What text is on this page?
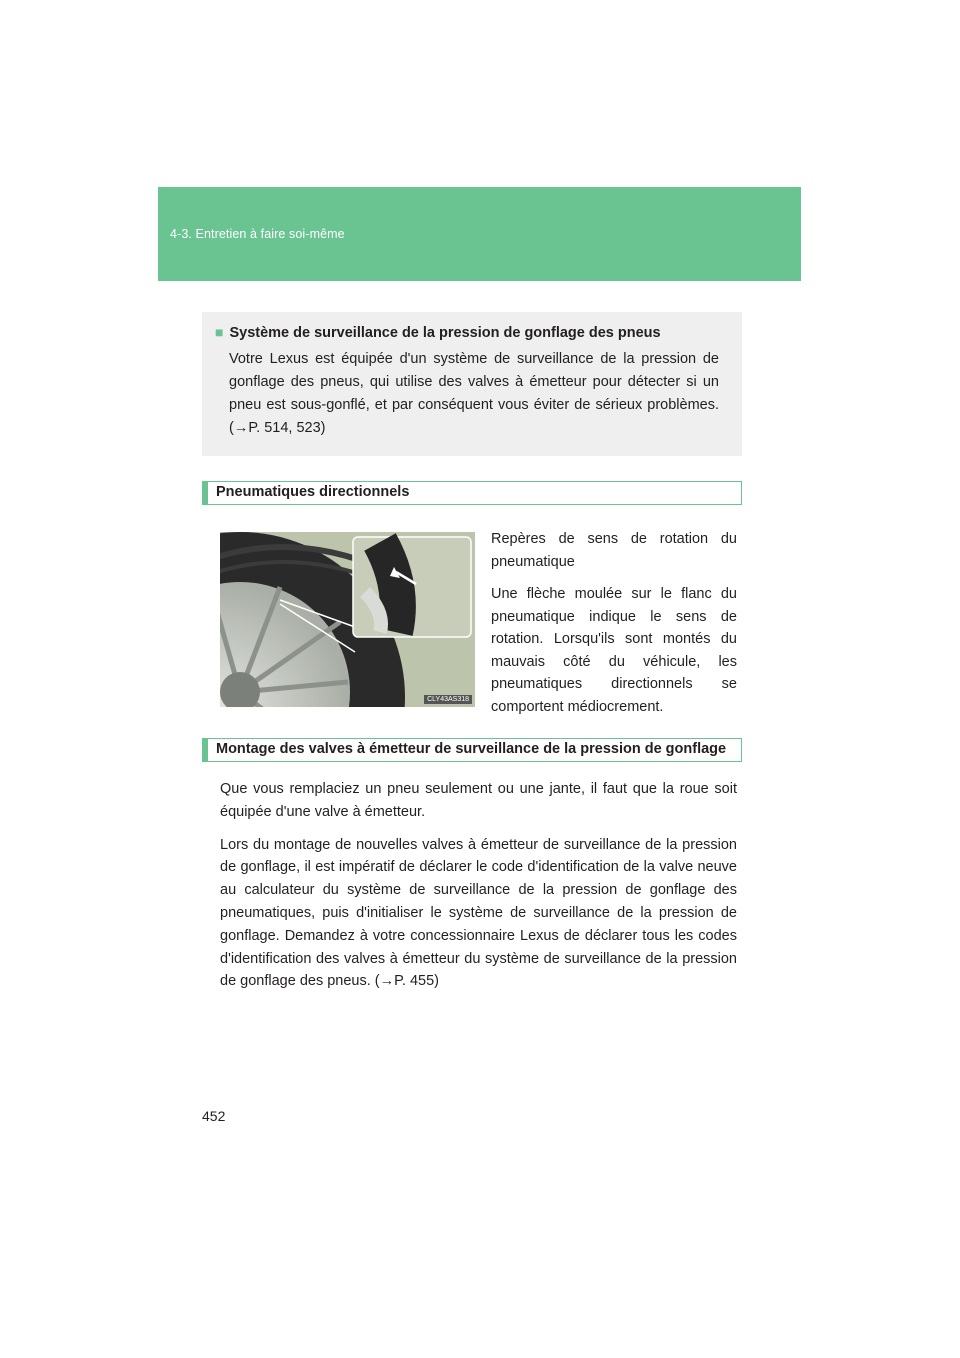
4-3. Entretien à faire soi-même
■ Système de surveillance de la pression de gonflage des pneus
Votre Lexus est équipée d'un système de surveillance de la pression de gonflage des pneus, qui utilise des valves à émetteur pour détecter si un pneu est sous-gonflé, et par conséquent vous éviter de sérieux problèmes. (→P. 514, 523)
Pneumatiques directionnels
CLY43AS318

Repères de sens de rotation du pneumatique

Une flèche moulée sur le flanc du pneumatique indique le sens de rotation. Lorsqu'ils sont montés du mauvais côté du véhicule, les pneumatiques directionnels se comportent médiocrement.

Montage des valves à émetteur de surveillance de la pression de gonflage

Que vous remplaciez un pneu seulement ou une jante, il faut que la roue soit équipée d'une valve à émetteur.

Lors du montage de nouvelles valves à émetteur de surveillance de la pression de gonflage, il est impératif de déclarer le code d'identification de la valve neuve au calculateur du système de surveillance de la pression de gonflage des pneumatiques, puis d'initialiser le système de surveillance de la pression de gonflage. Demandez à votre concessionnaire Lexus de déclarer tous les codes d'identification des valves à émetteur du système de surveillance de la pression de gonflage des pneus. (→P. 455)

452
